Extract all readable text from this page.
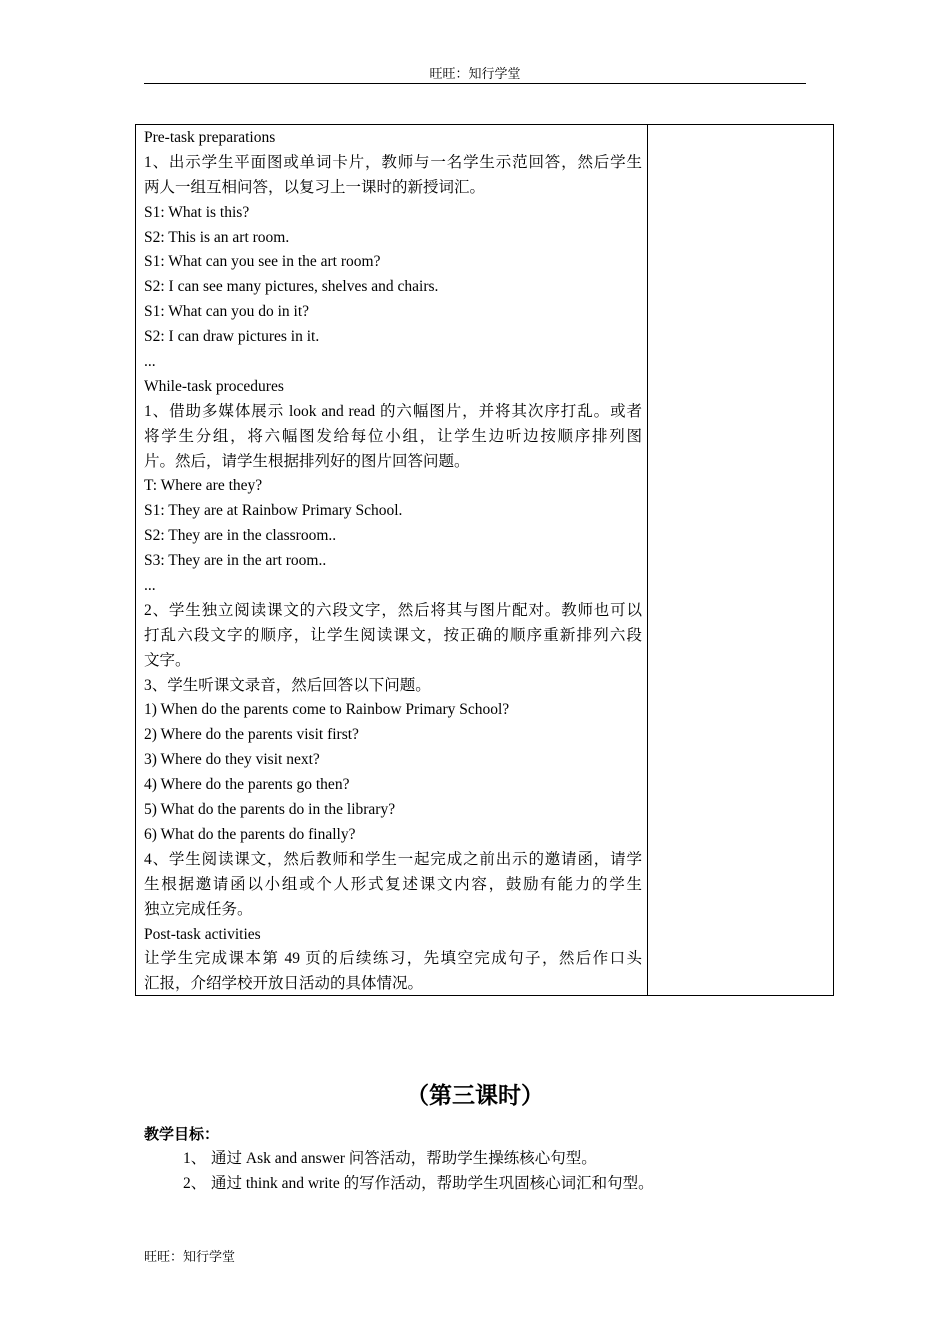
旺旺：知行学堂
Pre-task preparations
1、出示学生平面图或单词卡片，教师与一名学生示范回答，然后学生
两人一组互相问答，以复习上一课时的新授词汇。
S1: What is this?
S2: This is an art room.
S1: What can you see in the art room?
S2: I can see many pictures, shelves and chairs.
S1: What can you do in it?
S2: I can draw pictures in it.
...
While-task procedures
1、借助多媒体展示 look and read 的六幅图片，并将其次序打乱。或者
将学生分组，将六幅图发给每位小组，让学生边听边按顺序排列图
片。然后，请学生根据排列好的图片回答问题。
T: Where are they?
S1: They are at Rainbow Primary School.
S2: They are in the classroom..
S3: They are in the art room..
...
2、学生独立阅读课文的六段文字，然后将其与图片配对。教师也可以
打乱六段文字的顺序，让学生阅读课文，按正确的顺序重新排列六段
文字。
3、学生听课文录音，然后回答以下问题。
1) When do the parents come to Rainbow Primary School?
2) Where do the parents visit first?
3) Where do they visit next?
4) Where do the parents go then?
5) What do the parents do in the library?
6) What do the parents do finally?
4、学生阅读课文，然后教师和学生一起完成之前出示的邀请函，请学
生根据邀请函以小组或个人形式复述课文内容，鼓励有能力的学生
独立完成任务。
Post-task activities
让学生完成课本第 49 页的后续练习，先填空完成句子，然后作口头
汇报，介绍学校开放日活动的具体情况。
（第三课时）
教学目标：
1、 通过 Ask and answer 问答活动，帮助学生操练核心句型。
2、 通过 think and write 的写作活动，帮助学生巩固核心词汇和句型。
旺旺：知行学堂
